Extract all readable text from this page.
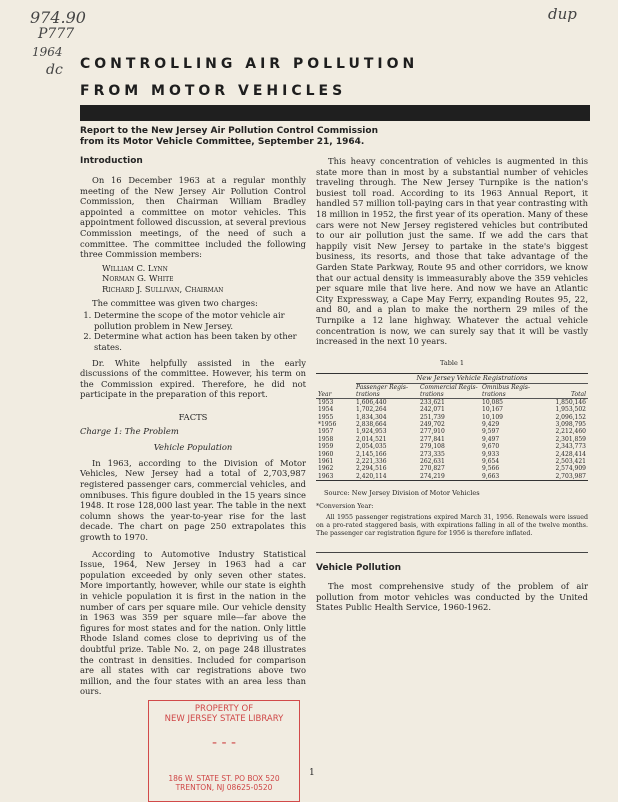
974.90
P777
1964
dc
dup
CONTROLLING AIR POLLUTION
FROM MOTOR VEHICLES
Report to the New Jersey Air Pollution Control Commission from its Motor Vehicle Committee, September 21, 1964.
Introduction

On 16 December 1963 at a regular monthly meeting of the New Jersey Air Pollution Control Commission, then Chairman William Bradley appointed a committee on motor vehicles. This appointment followed discussion, at several previous Commission meetings, of the need of such a committee. The committee included the following three Commission members:

William C. Lynn
Norman G. White
Richard J. Sullivan, Chairman

The committee was given two charges:

1. Determine the scope of the motor vehicle air pollution problem in New Jersey.
2. Determine what action has been taken by other states.

Dr. White helpfully assisted in the early discussions of the committee. However, his term on the Commission expired. Therefore, he did not participate in the preparation of this report.

FACTS
Charge 1: The Problem
Vehicle Population

In 1963, according to the Division of Motor Vehicles, New Jersey had a total of 2,703,987 registered passenger cars, commercial vehicles, and omnibuses. This figure doubled in the 15 years since 1948. It rose 128,000 last year. The table in the next column shows the year-to-year rise for the last decade. The chart on page 250 extrapolates this growth to 1970.

According to Automotive Industry Statistical Issue, 1964, New Jersey in 1963 had a car population exceeded by only seven other states. More importantly, however, while our state is eighth in vehicle population it is first in the nation in the number of cars per square mile. Our vehicle density in 1963 was 359 per square mile—far above the figures for most states and for the nation. Only little Rhode Island comes close to depriving us of the doubtful prize. Table No. 2, on page 248 illustrates the contrast in densities. Included for comparison are all states with car registrations above two million, and the four states with an area less than ours.

This heavy concentration of vehicles is augmented in this state more than in most by a substantial number of vehicles traveling through. The New Jersey Turnpike is the nation's busiest toll road. According to its 1963 Annual Report, it handled 57 million toll-paying cars in that year contrasting with 18 million in 1952, the first year of its operation. Many of these cars were not New Jersey registered vehicles but contributed to our air pollution just the same. If we add the cars that happily visit New Jersey to partake in the state's biggest business, its resorts, and those that take advantage of the Garden State Parkway, Route 95 and other corridors, we know that our actual density is immeasurably above the 359 vehicles per square mile that live here. And now we have an Atlantic City Expressway, a Cape May Ferry, expanding Routes 95, 22, and 80, and a plan to make the northern 29 miles of the Turnpike a 12 lane highway. Whatever the actual vehicle concentration is now, we can surely say that it will be vastly increased in the next 10 years.

Table 1
New Jersey Vehicle Registrations
Year	Passenger Regis-trations	Commercial Regis-trations	Omnibus Regis-trations	Total

1953	1,606,440	233,621	10,085	1,850,146
1954	1,702,264	242,071	10,167	1,953,502
1955	1,834,304	251,739	10,109	2,096,152
*1956	2,838,664	249,702	9,429	3,098,795
1957	1,924,953	277,910	9,597	2,212,460
1958	2,014,521	277,841	9,497	2,301,859
1959	2,054,035	279,108	9,670	2,343,773
1960	2,145,166	273,335	9,933	2,428,414
1961	2,221,336	262,631	9,654	2,503,421
1962	2,294,516	270,827	9,566	2,574,909
1963	2,420,114	274,219	9,663	2,703,987
Source: New Jersey Division of Motor Vehicles
*Conversion Year:

All 1955 passenger registrations expired March 31, 1956. Renewals were issued on a pro-rated staggered basis, with expirations falling in all of the twelve months. The passenger car registration figure for 1956 is therefore inflated.

Vehicle Pollution

The most comprehensive study of the problem of air pollution from motor vehicles was conducted by the United States Public Health Service, 1960-1962.

PROPERTY OF
NEW JERSEY STATE LIBRARY
- - -
186 W. STATE ST. PO BOX 520
TRENTON, NJ 08625-0520
1
